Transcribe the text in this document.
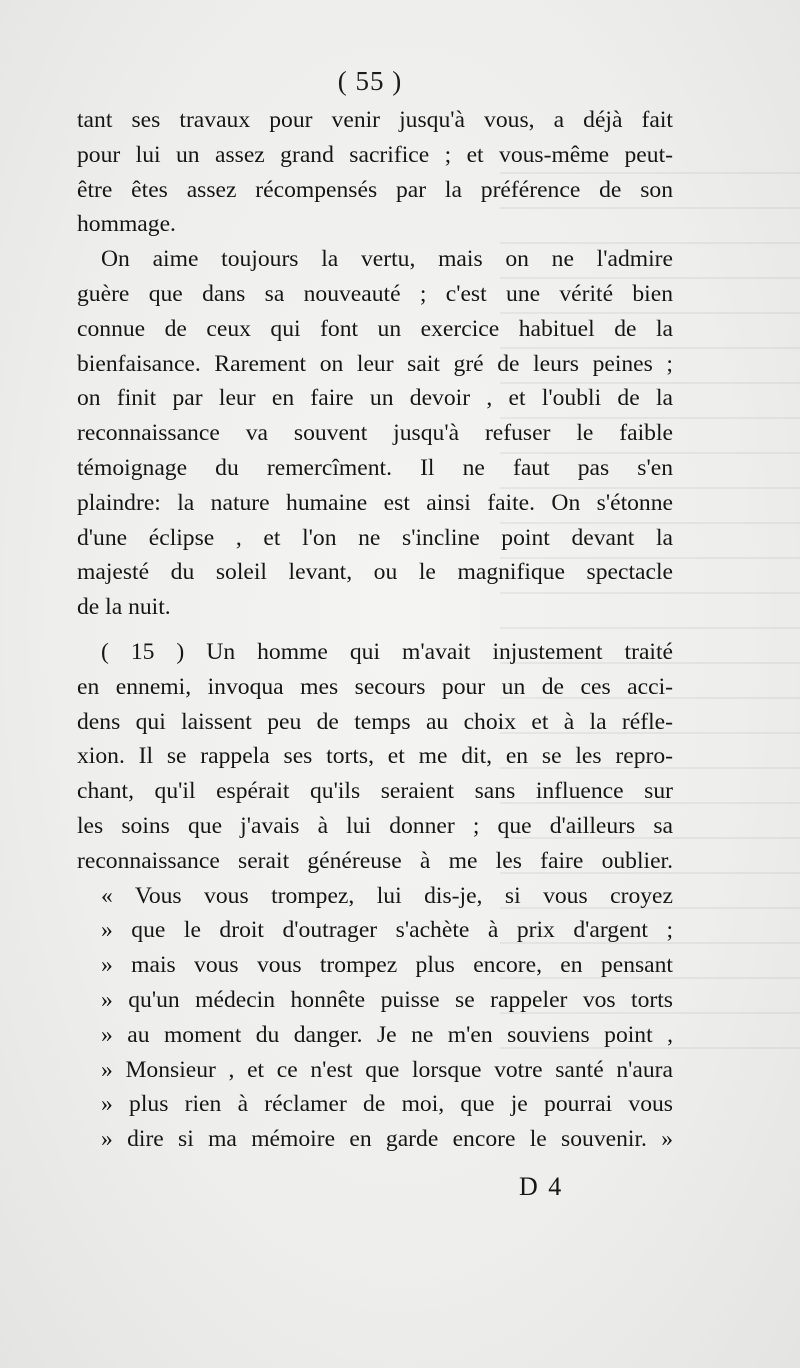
( 55 )
tant ses travaux pour venir jusqu'à vous, a déjà fait
pour lui un assez grand sacrifice ; et vous-même peut-
être êtes assez récompensés par la préférence de son
hommage.
On aime toujours la vertu, mais on ne l'admire
guère que dans sa nouveauté ; c'est une vérité bien
connue de ceux qui font un exercice habituel de la
bienfaisance. Rarement on leur sait gré de leurs peines ;
on finit par leur en faire un devoir , et l'oubli de la
reconnaissance va souvent jusqu'à refuser le faible
témoignage du remercîment. Il ne faut pas s'en
plaindre: la nature humaine est ainsi faite. On s'étonne
d'une éclipse , et l'on ne s'incline point devant la
majesté du soleil levant, ou le magnifique spectacle
de la nuit.
( 15 ) Un homme qui m'avait injustement traité
en ennemi, invoqua mes secours pour un de ces acci-
dens qui laissent peu de temps au choix et à la réfle-
xion. Il se rappela ses torts, et me dit, en se les repro-
chant, qu'il espérait qu'ils seraient sans influence sur
les soins que j'avais à lui donner ; que d'ailleurs sa
reconnaissance serait généreuse à me les faire oublier.
« Vous vous trompez, lui dis-je, si vous croyez
» que le droit d'outrager s'achète à prix d'argent ;
» mais vous vous trompez plus encore, en pensant
» qu'un médecin honnête puisse se rappeler vos torts
» au moment du danger. Je ne m'en souviens point ,
» Monsieur , et ce n'est que lorsque votre santé n'aura
» plus rien à réclamer de moi, que je pourrai vous
» dire si ma mémoire en garde encore le souvenir. »
D 4
